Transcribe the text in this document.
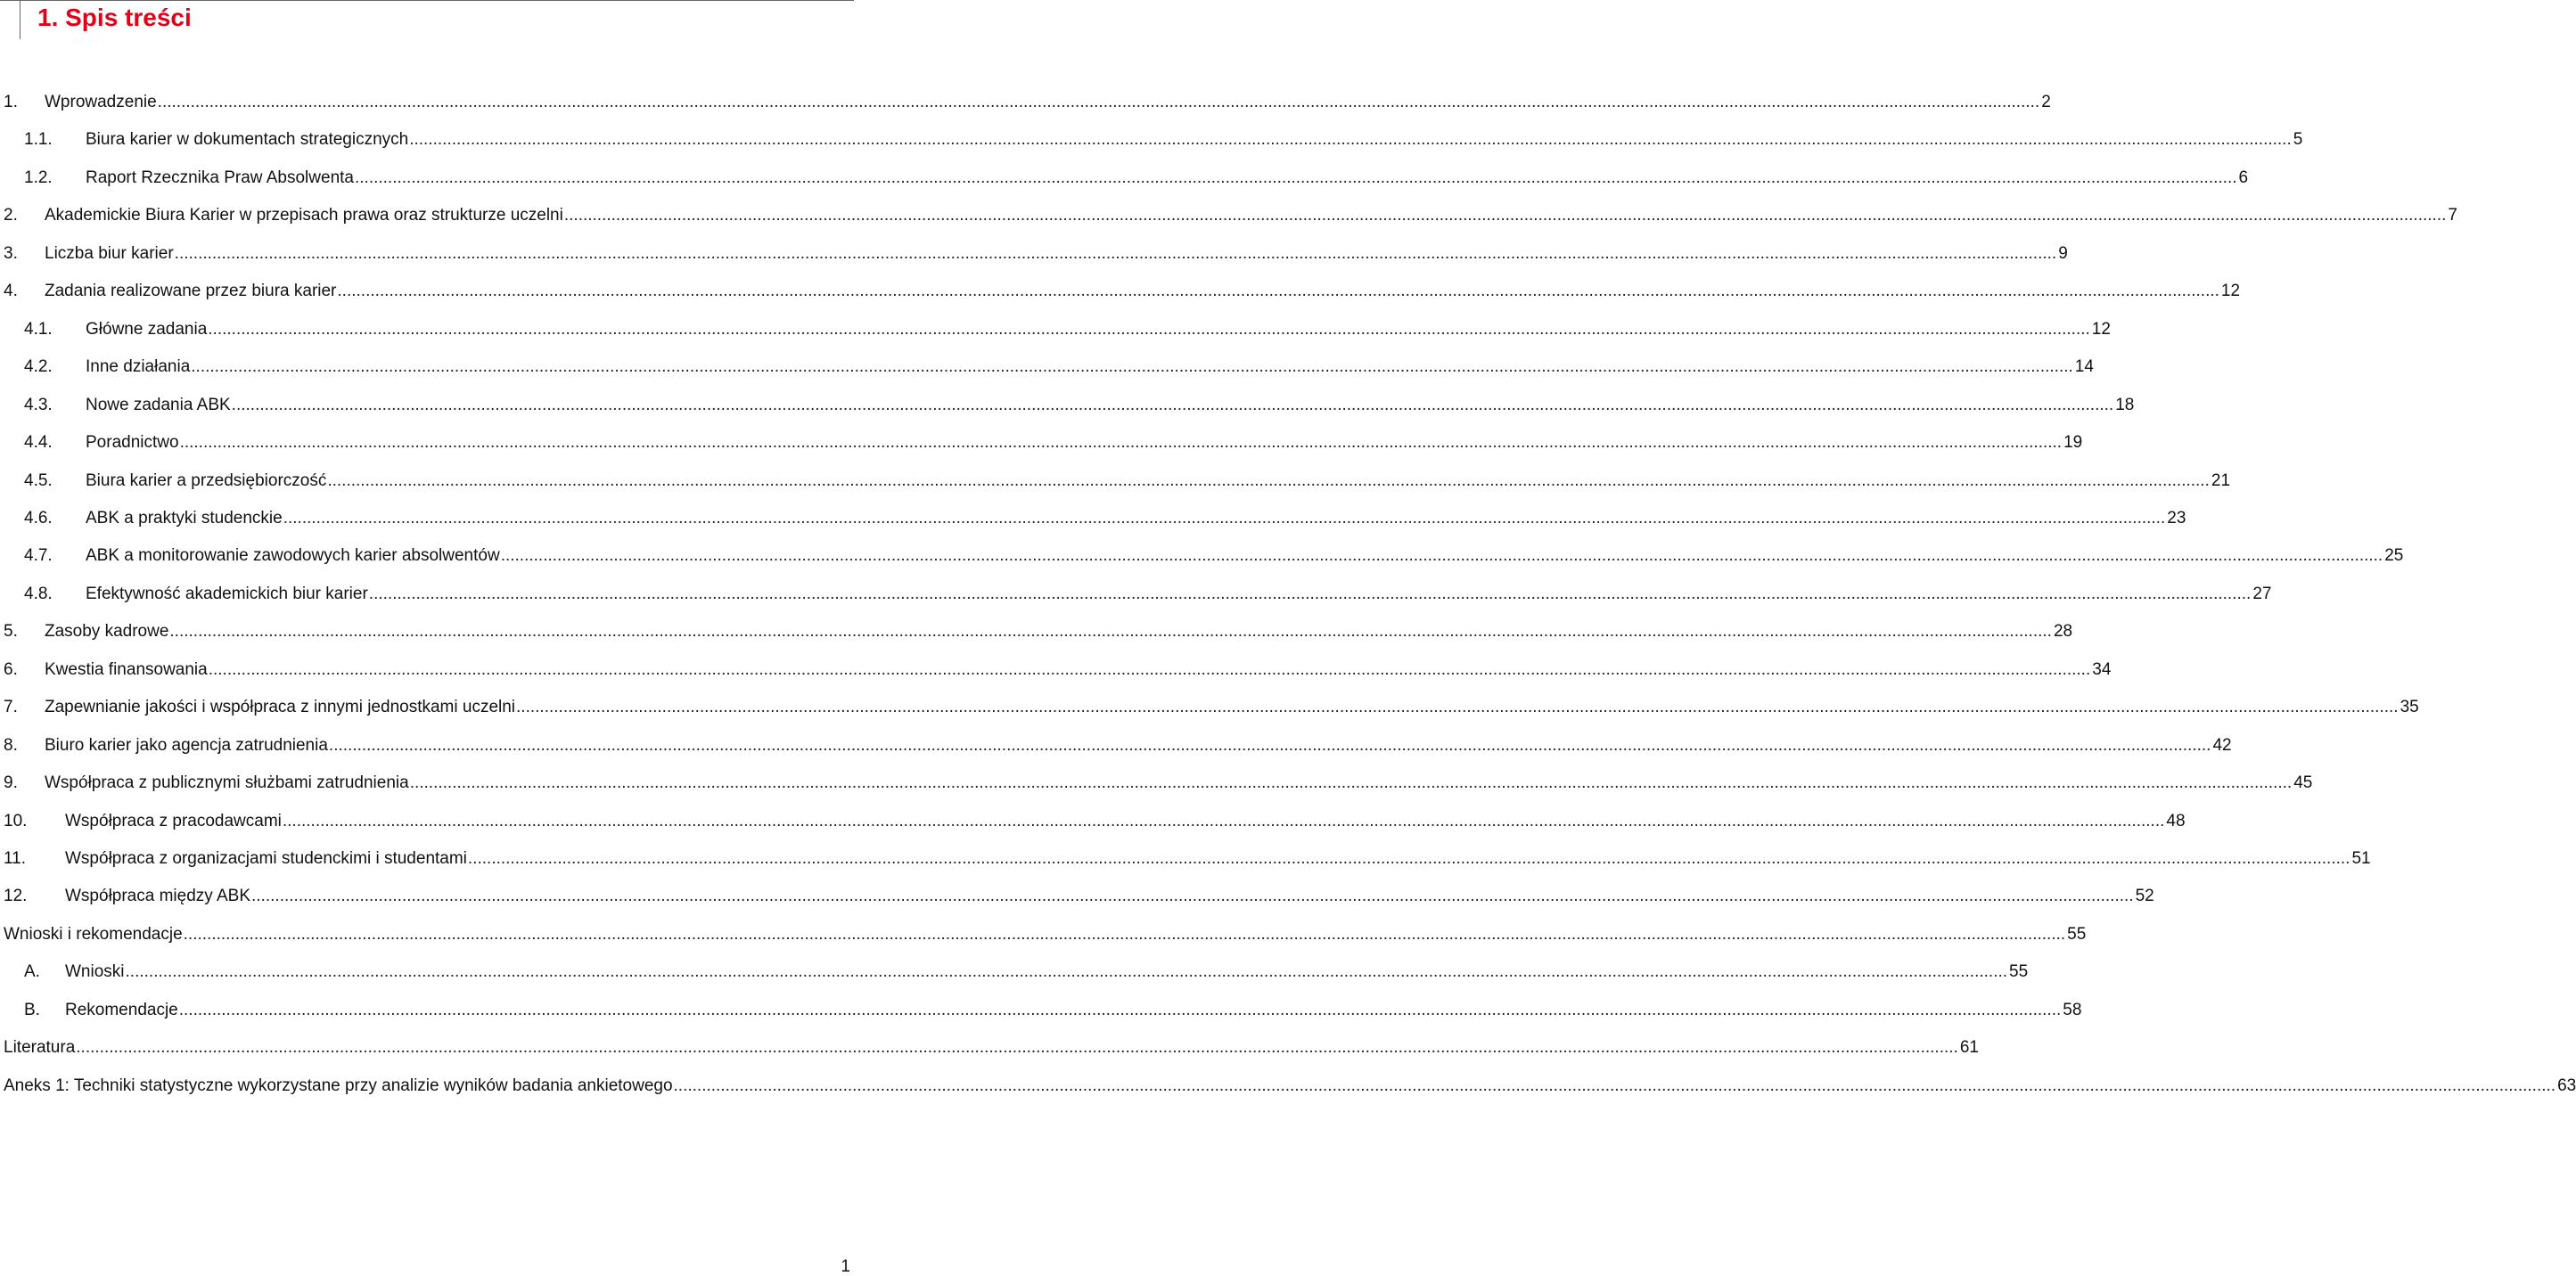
1. Spis treści
1. Wprowadzenie ................................................................................................................................................................................................................................................................................................................................................................................................................ 2
1.1. Biura karier w dokumentach strategicznych ................................................................................................................................................................................................................................................................................................................................................................................................................ 5
1.2. Raport Rzecznika Praw Absolwenta ................................................................................................................................................................................................................................................................................................................................................................................................................ 6
2. Akademickie Biura Karier w przepisach prawa oraz strukturze uczelni ................................................................................................................................................................................................................................................................................................................................................................................................................ 7
3. Liczba biur karier ................................................................................................................................................................................................................................................................................................................................................................................................................ 9
4. Zadania realizowane przez biura karier ................................................................................................................................................................................................................................................................................................................................................................................................................ 12
4.1. Główne zadania ................................................................................................................................................................................................................................................................................................................................................................................................................ 12
4.2. Inne działania ................................................................................................................................................................................................................................................................................................................................................................................................................ 14
4.3. Nowe zadania ABK ................................................................................................................................................................................................................................................................................................................................................................................................................ 18
4.4. Poradnictwo ................................................................................................................................................................................................................................................................................................................................................................................................................ 19
4.5. Biura karier a przedsiębiorczość ................................................................................................................................................................................................................................................................................................................................................................................................................ 21
4.6. ABK a praktyki studenckie ................................................................................................................................................................................................................................................................................................................................................................................................................ 23
4.7. ABK a monitorowanie zawodowych karier absolwentów ................................................................................................................................................................................................................................................................................................................................................................................................................ 25
4.8. Efektywność akademickich biur karier ................................................................................................................................................................................................................................................................................................................................................................................................................ 27
5. Zasoby kadrowe ................................................................................................................................................................................................................................................................................................................................................................................................................ 28
6. Kwestia finansowania ................................................................................................................................................................................................................................................................................................................................................................................................................ 34
7. Zapewnianie jakości i współpraca z innymi jednostkami uczelni ................................................................................................................................................................................................................................................................................................................................................................................................................ 35
8. Biuro karier jako agencja zatrudnienia ................................................................................................................................................................................................................................................................................................................................................................................................................ 42
9. Współpraca z publicznymi służbami zatrudnienia ................................................................................................................................................................................................................................................................................................................................................................................................................ 45
10. Współpraca z pracodawcami ................................................................................................................................................................................................................................................................................................................................................................................................................ 48
11. Współpraca z organizacjami studenckimi i studentami ................................................................................................................................................................................................................................................................................................................................................................................................................ 51
12. Współpraca między ABK ................................................................................................................................................................................................................................................................................................................................................................................................................ 52
Wnioski i rekomendacje ................................................................................................................................................................................................................................................................................................................................................................................................................ 55
A. Wnioski ................................................................................................................................................................................................................................................................................................................................................................................................................ 55
B. Rekomendacje ................................................................................................................................................................................................................................................................................................................................................................................................................ 58
Literatura ................................................................................................................................................................................................................................................................................................................................................................................................................ 61
Aneks 1: Techniki statystyczne wykorzystane przy analizie wyników badania ankietowego ................................................................................................................................................................................................................................................................................................................................................................................................................ 63
1
